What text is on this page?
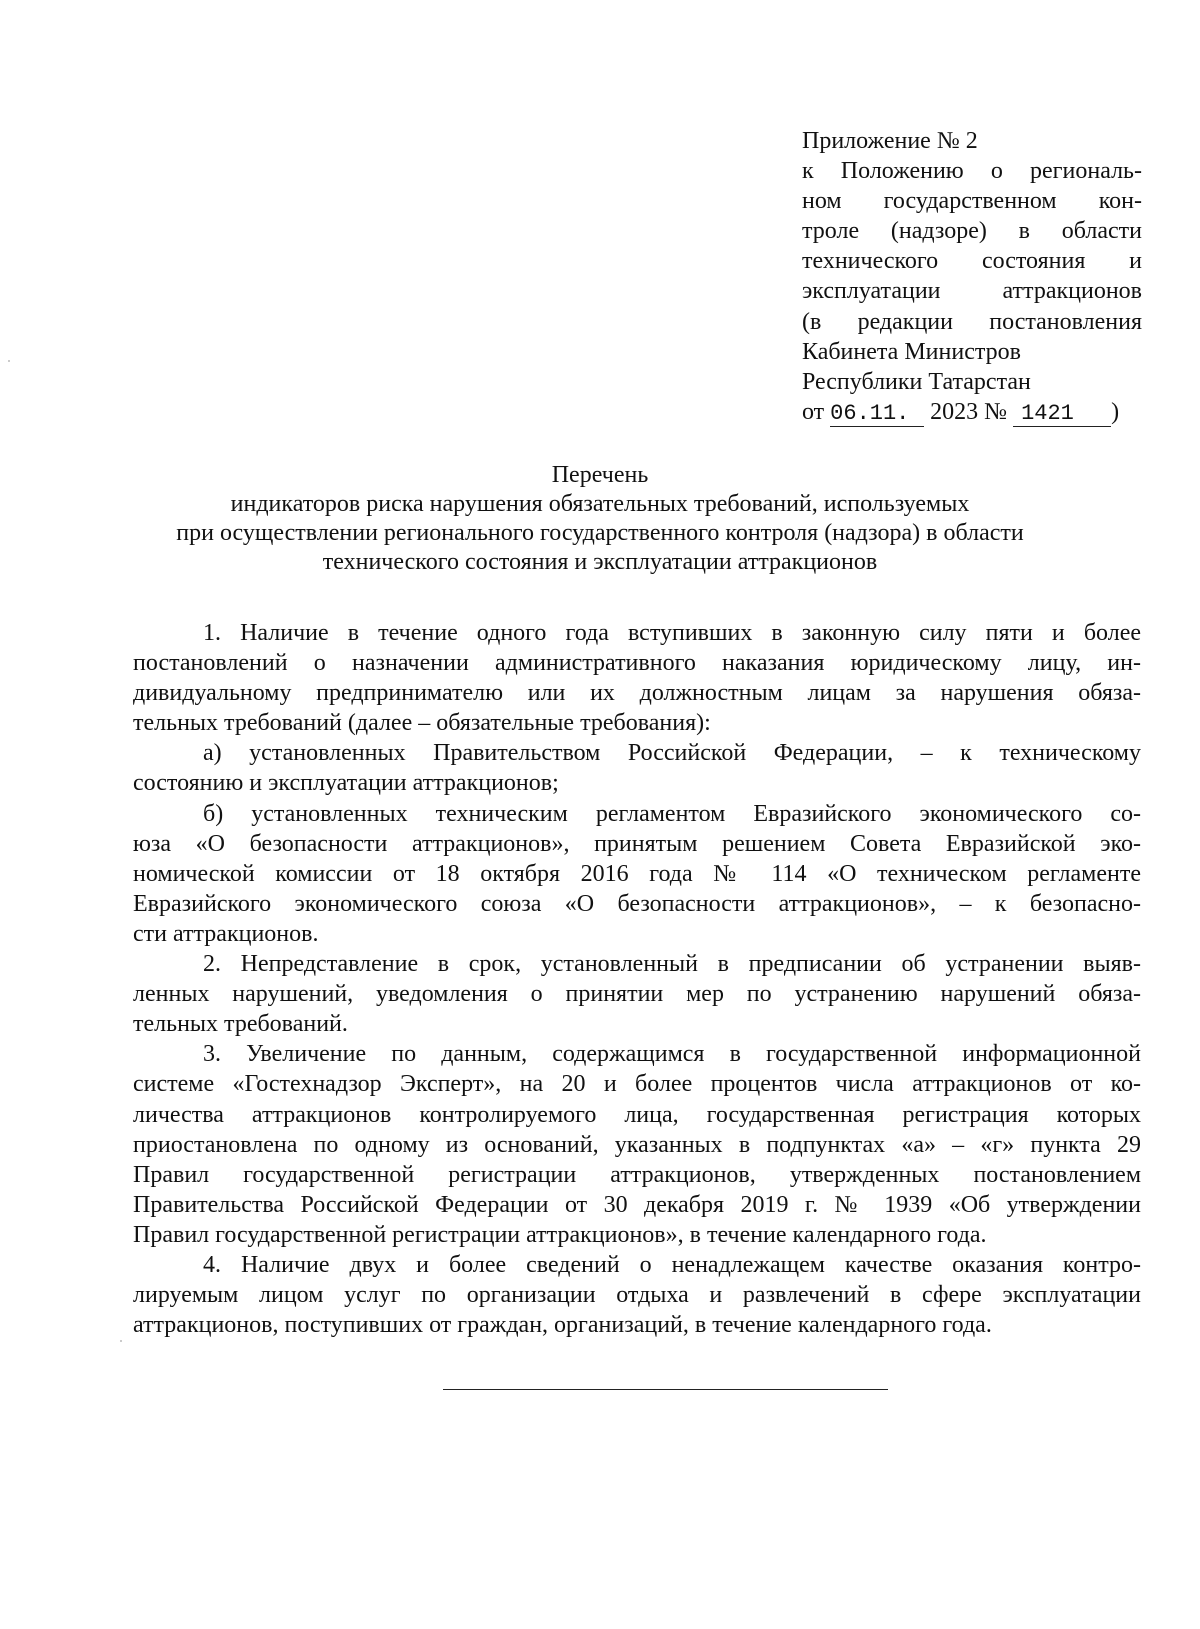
Приложение № 2
к Положению о региональ-
ном государственном кон-
троле (надзоре) в области
технического состояния и
эксплуатации аттракционов
(в редакции постановления
Кабинета Министров
Республики Татарстан
от 06.11. 2023 № 1421 )
Перечень
индикаторов риска нарушения обязательных требований, используемых
при осуществлении регионального государственного контроля (надзора) в области
технического состояния и эксплуатации аттракционов
1. Наличие в течение одного года вступивших в законную силу пяти и более
постановлений о назначении административного наказания юридическому лицу, ин-
дивидуальному предпринимателю или их должностным лицам за нарушения обяза-
тельных требований (далее – обязательные требования):
а) установленных Правительством Российской Федерации, – к техническому
состоянию и эксплуатации аттракционов;
б) установленных техническим регламентом Евразийского экономического со-
юза «О безопасности аттракционов», принятым решением Совета Евразийской эко-
номической комиссии от 18 октября 2016 года № 114 «О техническом регламенте
Евразийского экономического союза «О безопасности аттракционов», – к безопасно-
сти аттракционов.
2. Непредставление в срок, установленный в предписании об устранении выяв-
ленных нарушений, уведомления о принятии мер по устранению нарушений обяза-
тельных требований.
3. Увеличение по данным, содержащимся в государственной информационной
системе «Гостехнадзор Эксперт», на 20 и более процентов числа аттракционов от ко-
личества аттракционов контролируемого лица, государственная регистрация которых
приостановлена по одному из оснований, указанных в подпунктах «а» – «г» пункта 29
Правил государственной регистрации аттракционов, утвержденных постановлением
Правительства Российской Федерации от 30 декабря 2019 г. № 1939 «Об утверждении
Правил государственной регистрации аттракционов», в течение календарного года.
4. Наличие двух и более сведений о ненадлежащем качестве оказания контро-
лируемым лицом услуг по организации отдыха и развлечений в сфере эксплуатации
аттракционов, поступивших от граждан, организаций, в течение календарного года.
